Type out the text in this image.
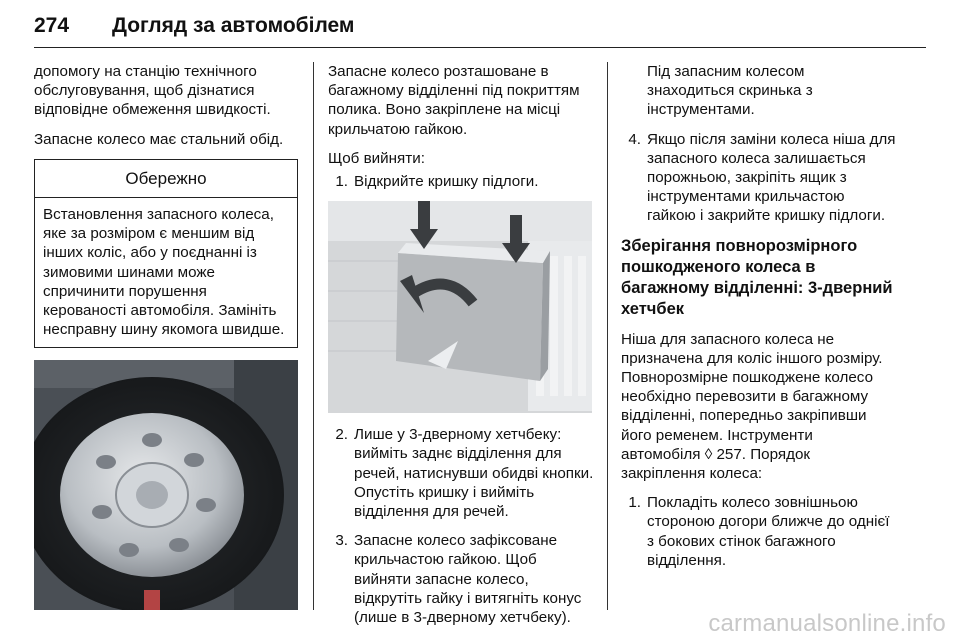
274 Догляд за автомобілем
допомогу на станцію технічного обслуговування, щоб дізнатися відповідне обмеження швидкості.
Запасне колесо має стальний обід.
Обережно
Встановлення запасного колеса, яке за розміром є меншим від інших коліс, або у поєднанні із зимовими шинами може спричинити порушення керованості автомобіля. Замініть несправну шину якомога швидше.
Запасне колесо розташоване в багажному відділенні під покриттям полика. Воно закріплене на місці крильчатою гайкою.
Щоб вийняти:
1. Відкрийте кришку підлоги.
2. Лише у 3-дверному хетчбеку: вийміть заднє відділення для речей, натиснувши обидві кнопки. Опустіть кришку і вийміть відділення для речей.
3. Запасне колесо зафіксоване крильчастою гайкою. Щоб вийняти запасне колесо, відкрутіть гайку і витягніть конус (лише в 3-дверному хетчбеку).
Під запасним колесом знаходиться скринька з інструментами.
4. Якщо після заміни колеса ніша для запасного колеса залишається порожньою, закріпіть ящик з інструментами крильчастою гайкою і закрийте кришку підлоги.
Зберігання повнорозмірного пошкодженого колеса в багажному відділенні: 3-дверний хетчбек
Ніша для запасного колеса не призначена для коліс іншого розміру. Повнорозмірне пошкоджене колесо необхідно перевозити в багажному відділенні, попередньо закріпивши його ременем. Інструменти автомобіля ◊ 257. Порядок закріплення колеса:
1. Покладіть колесо зовнішньою стороною догори ближче до однієї з бокових стінок багажного відділення.
carmanualsonline.info
